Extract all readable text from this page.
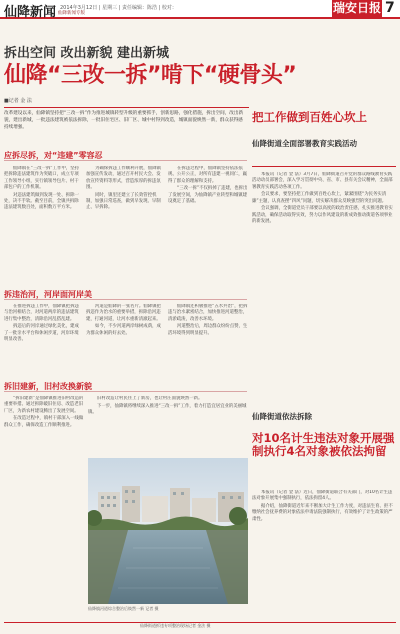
仙降新闻 2014年3月12日 | 星期三 | 责任编辑：陈浩 | 校对：
仙降新闻专版	瑞安日报 7
拆出空间 改出新貌 建出新城
仙降“三改一拆”啃下“硬骨头”
■记者 金 法
改革建设以来，仙降镇坚持把“三改一拆”作为推进城镇转型升级的重要抓手，创新思路，强化措施，拆出空间，改出新貌，建出新城，一批违法建筑被依法拆除，一批旧住宅区、旧厂区、城中村得到改造，城镇面貌焕然一新，群众获得感持续增强。
应拆尽拆，对“违建”零容忍

仙降镇在“三改一拆”工作中，坚持把拆除违法建筑作为突破口，成立专项工作领导小组，实行镇领导包片、村干部包户的工作机制。

对违法建筑做到发现一处、拆除一处，决不手软。截至目前，全镇共拆除违法建筑数百处，面积数万平方米。

为确保拆违工作顺利开展，仙降镇加强宣传发动，通过召开村民大会、发放宣传资料等形式，营造浓厚的拆违氛围。

同时，镇里还建立了长效管控机制，加强日常巡查，做到早发现、早制止、早拆除。

在拆违过程中，仙降镇坚持依法依规、公开公正，对所有违建一视同仁，赢得了群众的理解和支持。

“三改一拆”不仅拆掉了违建，也拆出了发展空间，为仙降镇产业转型和城镇建设奠定了基础。

拆违治河，河岸面河岸美

在推进拆违工作中，仙降镇把拆违与治河相结合，对河道两岸的违法建筑进行集中整治，清除沿河乱搭乱建。

拆违后的河岸通过绿化美化，建成了一批亲水平台和休闲步道，河岸环境明显改善。

河道是仙降的一张名片。仙降镇把拆违作为治水的重要举措，拆除沿河违建，打通河道，让河水重新清澈起来。

如今，不少河道两岸绿树成荫，成为群众休闲的好去处。

仙降镇还积极推进“五水共治”，把拆违与治水紧密结合，加快推进河道整治，清淤疏浚，改善水环境。

河道整治后，周边群众纷纷点赞，生活环境得到明显提升。

拆旧建新，旧村改换新貌

“拆旧建新”是仙降镇推进旧村改造的重要举措。通过拆除破旧住房、改造老旧厂区，为新农村建设腾出了发展空间。

在改造过程中，镇村干部深入一线做群众工作，确保改造工作顺利推进。

旧村改造让村民住上了新房，也让村庄面貌焕然一新。

下一步，仙降镇将继续深入推进“三改一拆”工作，着力打造宜居宜业的美丽城镇。

仙降镇河道综合整治后焕然一新 记者 摄
把工作做到百姓心坎上
仙降街道全面部署教育实践活动

本报讯（记者 金 法）3月7日，仙降街道召开党的群众路线教育实践活动动员部署会，深入学习贯彻中央、省、市、县有关会议精神，全面部署教育实践活动各项工作。

会议要求，要坚持把工作做到百姓心坎上，紧紧围绕“为民务实清廉”主题，认真查摆“四风”问题，切实解决群众反映强烈的突出问题。

会议强调，全街道党员干部要以高度的政治责任感，扎实推进教育实践活动，确保活动取得实效，努力以作风建设的新成效推动街道各项事业的新发展。

仙降街道依法拆除
对10名计生违法对象开展强制执行4名对象被依法拘留

本报讯（记者 金 法）近日，仙降街道联合有关部门，对10名计生违法对象开展集中强制执行，依法拘留4人。

据介绍，仙降街道近年来不断加大计生工作力度，对违法生育、拒不缴纳社会抚养费的对象依法申请法院强制执行，有效维护了计生政策的严肃性。

仙降街道拆违专项整治现场记者 金法 摄
